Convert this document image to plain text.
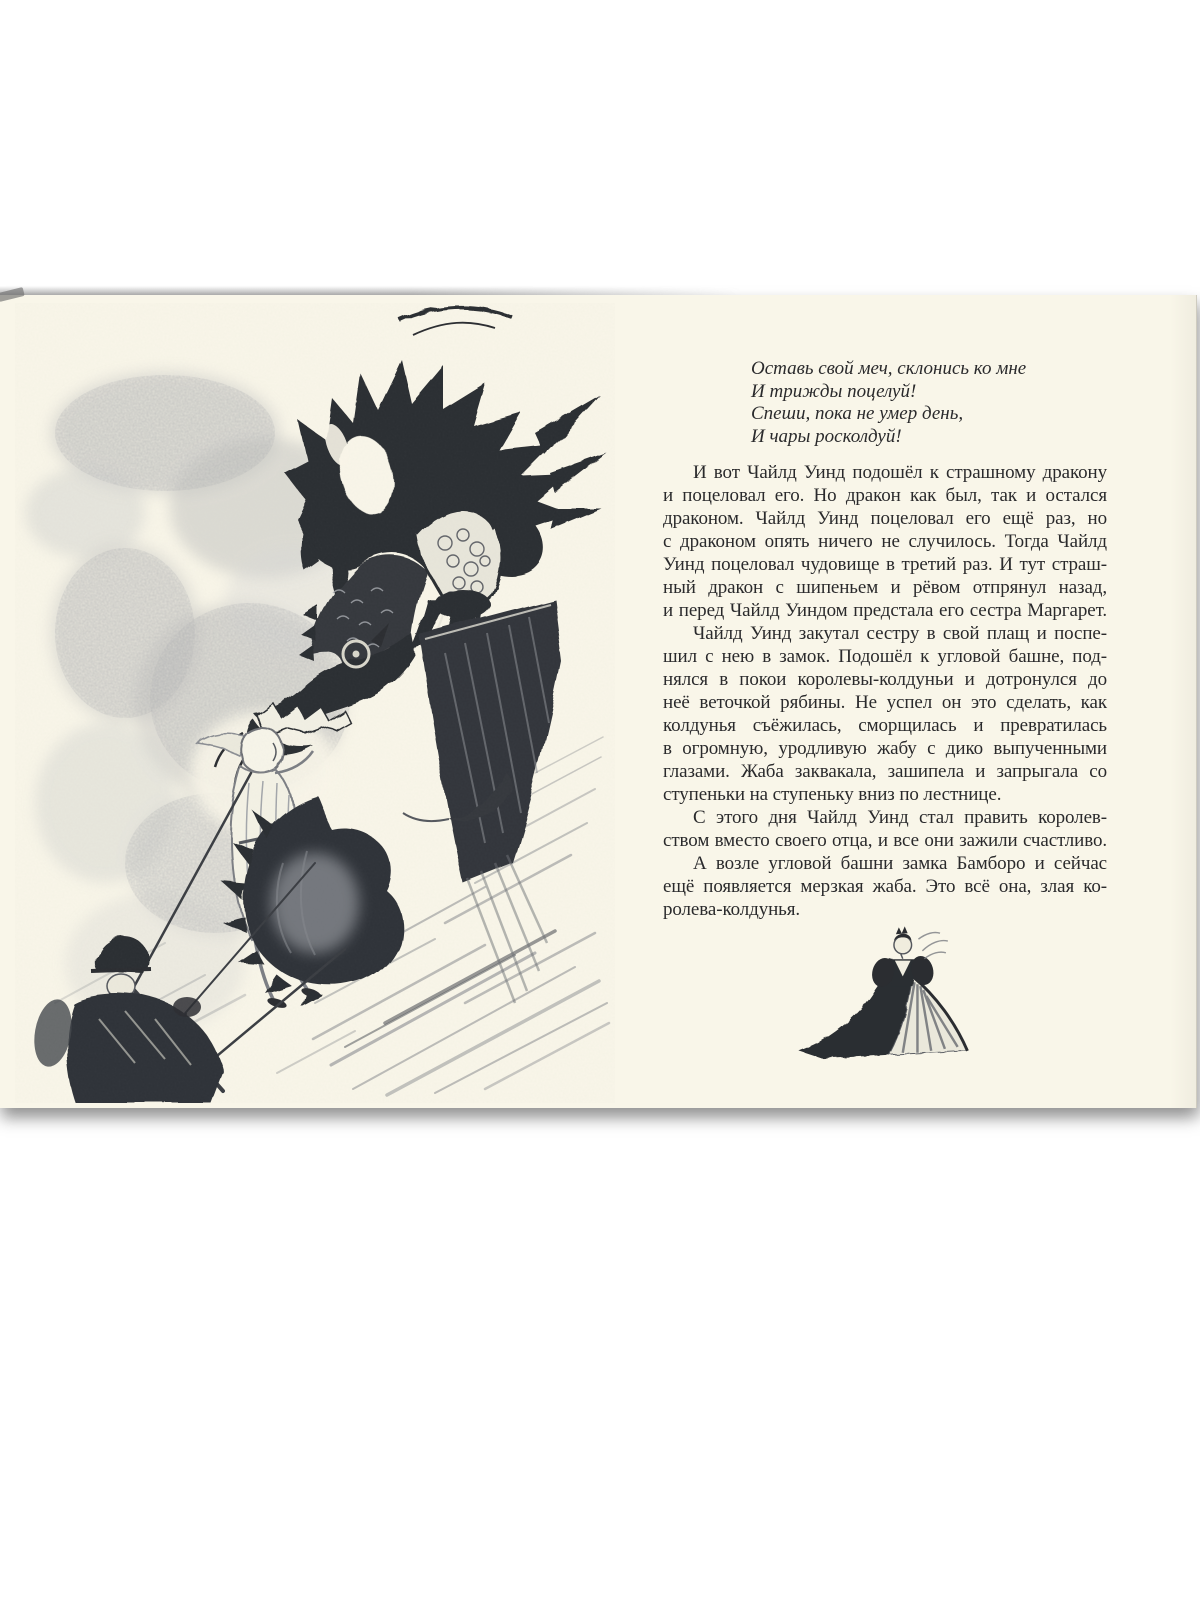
Оставь свой меч, склонись ко мне
И трижды поцелуй!
Спеши, пока не умер день,
И чары росколдуй!
И вот Чайлд Уинд подошёл к страшному дракону
и поцеловал его. Но дракон как был, так и остался
драконом. Чайлд Уинд поцеловал его ещё раз, но
с драконом опять ничего не случилось. Тогда Чайлд
Уинд поцеловал чудовище в третий раз. И тут страш-
ный дракон с шипеньем и рёвом отпрянул назад,
и перед Чайлд Уиндом предстала его сестра Маргарет.
Чайлд Уинд закутал сестру в свой плащ и поспе-
шил с нею в замок. Подошёл к угловой башне, под-
нялся в покои королевы-колдуньи и дотронулся до
неё веточкой рябины. Не успел он это сделать, как
колдунья съёжилась, сморщилась и превратилась
в огромную, уродливую жабу с дико выпученными
глазами. Жаба заквакала, зашипела и запрыгала со
ступеньки на ступеньку вниз по лестнице.
С этого дня Чайлд Уинд стал править королев-
ством вместо своего отца, и все они зажили счастливо.
А возле угловой башни замка Бамборо и сейчас
ещё появляется мерзкая жаба. Это всё она, злая ко-
ролева-колдунья.
